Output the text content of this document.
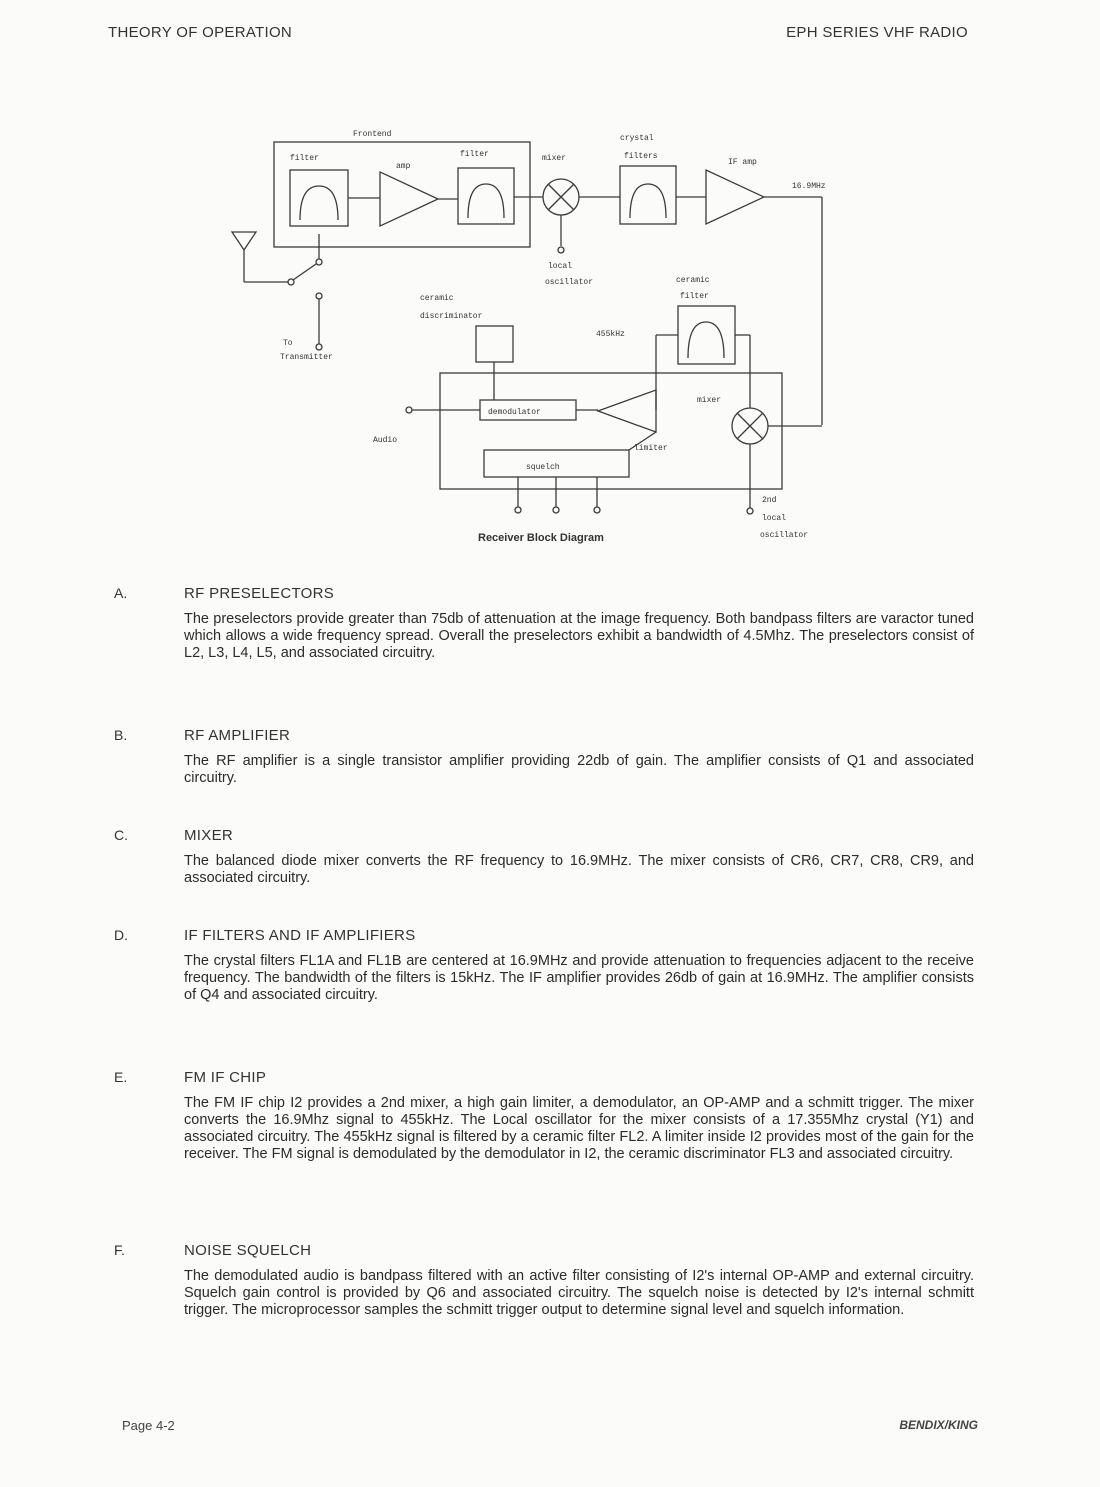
THEORY OF OPERATION	EPH SERIES VHF RADIO
Frontend
filter
amp
filter	mixer
crystal
filters
IF amp
16.9MHz
local
oscillator	ceramic
filter
ceramic
discriminator
455kHz
To
Transmitter
demodulator
mixer
Audio
limiter
squelch
2nd
local
oscillator
Receiver Block Diagram
A.	RF PRESELECTORS
The preselectors provide greater than 75db of attenuation at the image frequency. Both bandpass filters are varactor tuned which allows a wide frequency spread. Overall the preselectors exhibit a bandwidth of 4.5Mhz. The preselectors consist of L2, L3, L4, L5, and associated circuitry.
B.	RF AMPLIFIER
The RF amplifier is a single transistor amplifier providing 22db of gain. The amplifier consists of Q1 and associated circuitry.
C.	MIXER
The balanced diode mixer converts the RF frequency to 16.9MHz. The mixer consists of CR6, CR7, CR8, CR9, and associated circuitry.
D.	IF FILTERS AND IF AMPLIFIERS
The crystal filters FL1A and FL1B are centered at 16.9MHz and provide attenuation to frequencies adjacent to the receive frequency. The bandwidth of the filters is 15kHz. The IF amplifier provides 26db of gain at 16.9MHz. The amplifier consists of Q4 and associated circuitry.
E.	FM IF CHIP
The FM IF chip I2 provides a 2nd mixer, a high gain limiter, a demodulator, an OP-AMP and a schmitt trigger. The mixer converts the 16.9Mhz signal to 455kHz. The Local oscillator for the mixer consists of a 17.355Mhz crystal (Y1) and associated circuitry. The 455kHz signal is filtered by a ceramic filter FL2. A limiter inside I2 provides most of the gain for the receiver. The FM signal is demodulated by the demodulator in I2, the ceramic discriminator FL3 and associated circuitry.
F.	NOISE SQUELCH
The demodulated audio is bandpass filtered with an active filter consisting of I2's internal OP-AMP and external circuitry. Squelch gain control is provided by Q6 and associated circuitry. The squelch noise is detected by I2's internal schmitt trigger. The microprocessor samples the schmitt trigger output to determine signal level and squelch information.
Page 4-2	BENDIX/KING
